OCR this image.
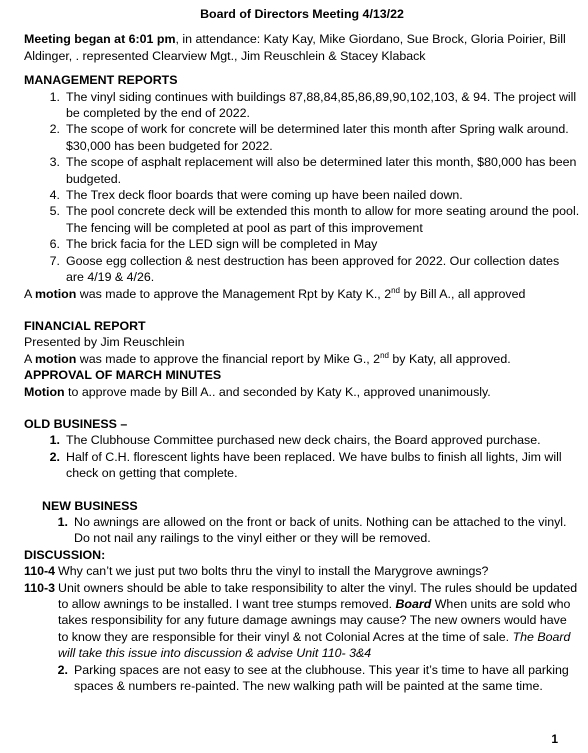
Board of Directors Meeting 4/13/22

Meeting began at 6:01 pm, in attendance: Katy Kay, Mike Giordano, Sue Brock, Gloria Poirier, Bill Aldinger, . represented Clearview Mgt., Jim Reuschlein & Stacey Klaback

MANAGEMENT REPORTS

1. The vinyl siding continues with buildings 87,88,84,85,86,89,90,102,103, & 94. The project will be completed by the end of 2022.
2. The scope of work for concrete will be determined later this month after Spring walk around. $30,000 has been budgeted for 2022.
3. The scope of asphalt replacement will also be determined later this month, $80,000 has been budgeted.
4. The Trex deck floor boards that were coming up have been nailed down.
5. The pool concrete deck will be extended this month to allow for more seating around the pool. The fencing will be completed at pool as part of this improvement
6. The brick facia for the LED sign will be completed in May
7. Goose egg collection & nest destruction has been approved for 2022. Our collection dates are 4/19 & 4/26.

A motion was made to approve the Management Rpt by Katy K., 2nd by Bill A., all approved

FINANCIAL REPORT

Presented by Jim Reuschlein

A motion was made to approve the financial report by Mike G., 2nd by Katy, all approved.

APPROVAL OF MARCH MINUTES

Motion to approve made by Bill A.. and seconded by Katy K., approved unanimously.

OLD BUSINESS –

1. The Clubhouse Committee purchased new deck chairs, the Board approved purchase.
2. Half of C.H. florescent lights have been replaced. We have bulbs to finish all lights, Jim will check on getting that complete.

NEW BUSINESS

1. No awnings are allowed on the front or back of units. Nothing can be attached to the vinyl. Do not nail any railings to the vinyl either or they will be removed.

DISCUSSION:

110-4 Why can’t we just put two bolts thru the vinyl to install the Marygrove awnings?
110-3 Unit owners should be able to take responsibility to alter the vinyl. The rules should be updated to allow awnings to be installed. I want tree stumps removed. Board When units are sold who takes responsibility for any future damage awnings may cause? The new owners would have to know they are responsible for their vinyl & not Colonial Acres at the time of sale. The Board will take this issue into discussion & advise Unit 110- 3&4
2. Parking spaces are not easy to see at the clubhouse. This year it’s time to have all parking spaces & numbers re-painted. The new walking path will be painted at the same time.
1
